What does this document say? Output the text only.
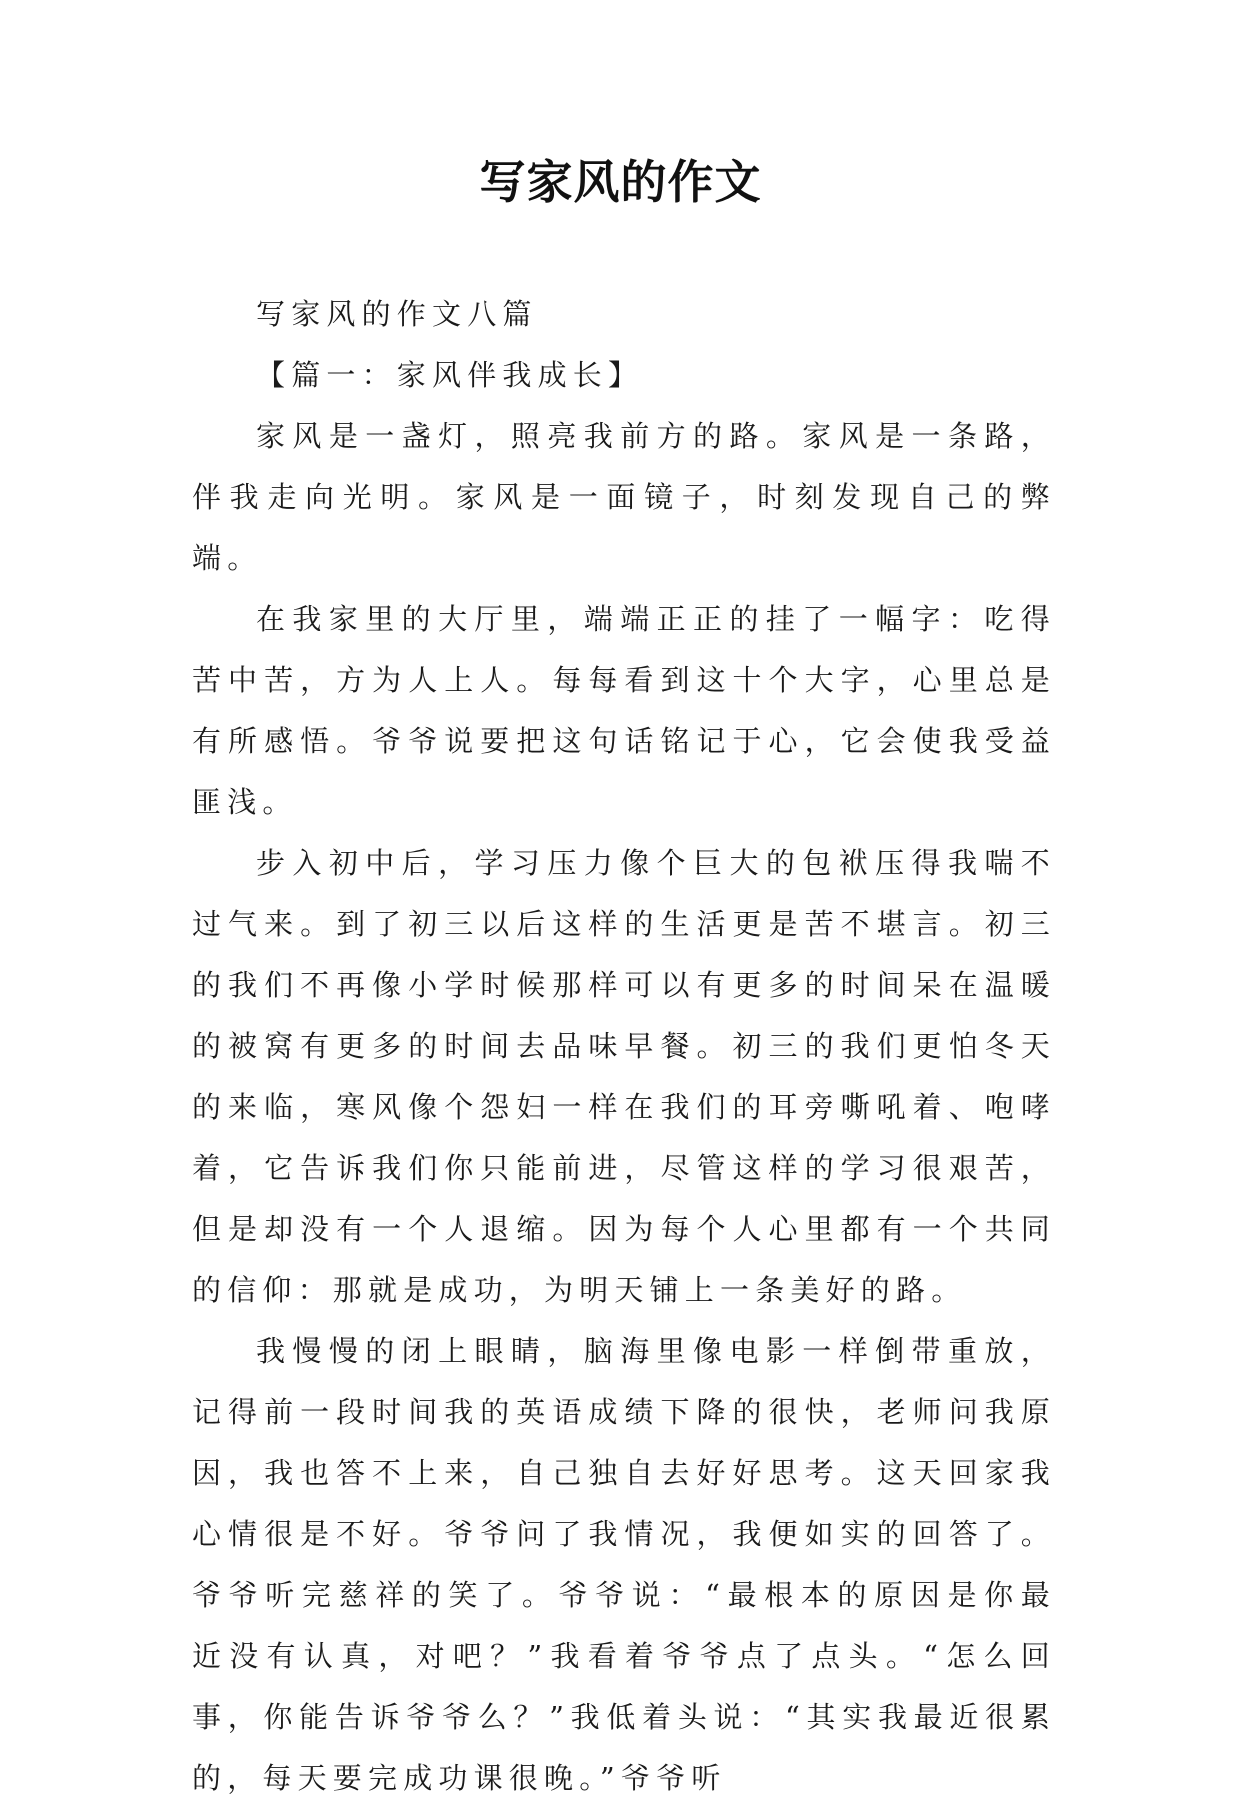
写家风的作文

写家风的作文八篇

【篇一：家风伴我成长】

家风是一盏灯，照亮我前方的路。家风是一条路，伴我走向光明。家风是一面镜子，时刻发现自己的弊端。

在我家里的大厅里，端端正正的挂了一幅字：吃得苦中苦，方为人上人。每每看到这十个大字，心里总是有所感悟。爷爷说要把这句话铭记于心，它会使我受益匪浅。

步入初中后，学习压力像个巨大的包袱压得我喘不过气来。到了初三以后这样的生活更是苦不堪言。初三的我们不再像小学时候那样可以有更多的时间呆在温暖的被窝有更多的时间去品味早餐。初三的我们更怕冬天的来临，寒风像个怨妇一样在我们的耳旁嘶吼着、咆哮着，它告诉我们你只能前进，尽管这样的学习很艰苦，但是却没有一个人退缩。因为每个人心里都有一个共同的信仰：那就是成功，为明天铺上一条美好的路。

我慢慢的闭上眼睛，脑海里像电影一样倒带重放，记得前一段时间我的英语成绩下降的很快，老师问我原因，我也答不上来，自己独自去好好思考。这天回家我心情很是不好。爷爷问了我情况，我便如实的回答了。爷爷听完慈祥的笑了。爷爷说：“最根本的原因是你最近没有认真，对吧？”我看着爷爷点了点头。“怎么回事，你能告诉爷爷么？”我低着头说：“其实我最近很累的，每天要完成功课很晚。”爷爷听
